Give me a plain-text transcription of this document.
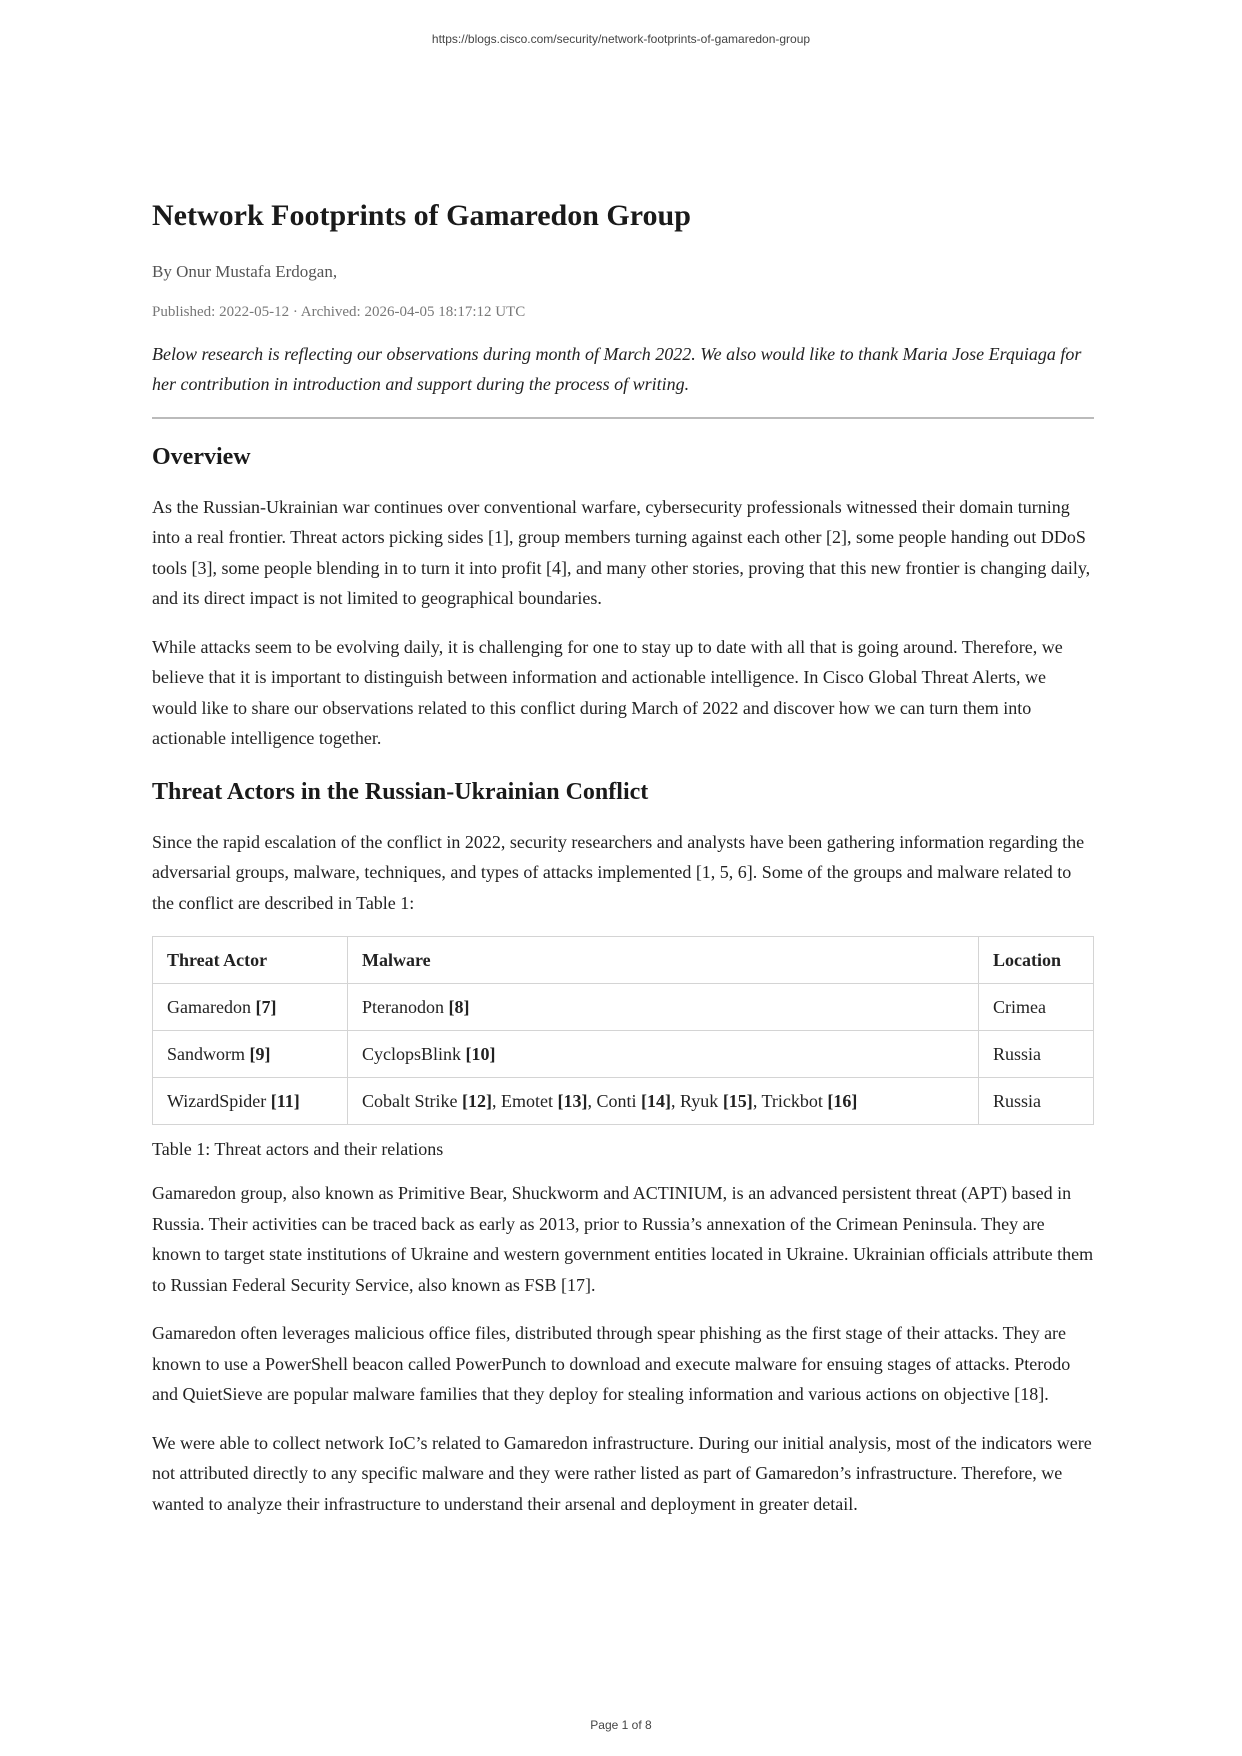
https://blogs.cisco.com/security/network-footprints-of-gamaredon-group
Network Footprints of Gamaredon Group
By Onur Mustafa Erdogan,
Published: 2022-05-12 · Archived: 2026-04-05 18:17:12 UTC

Below research is reflecting our observations during month of March 2022. We also would like to thank Maria Jose Erquiaga for her contribution in introduction and support during the process of writing.

Overview

As the Russian-Ukrainian war continues over conventional warfare, cybersecurity professionals witnessed their domain turning into a real frontier. Threat actors picking sides [1], group members turning against each other [2], some people handing out DDoS tools [3], some people blending in to turn it into profit [4], and many other stories, proving that this new frontier is changing daily, and its direct impact is not limited to geographical boundaries.

While attacks seem to be evolving daily, it is challenging for one to stay up to date with all that is going around. Therefore, we believe that it is important to distinguish between information and actionable intelligence. In Cisco Global Threat Alerts, we would like to share our observations related to this conflict during March of 2022 and discover how we can turn them into actionable intelligence together.

Threat Actors in the Russian-Ukrainian Conflict

Since the rapid escalation of the conflict in 2022, security researchers and analysts have been gathering information regarding the adversarial groups, malware, techniques, and types of attacks implemented [1, 5, 6]. Some of the groups and malware related to the conflict are described in Table 1:

Threat Actor	Malware	Location
Gamaredon [7]	Pteranodon [8]	Crimea
Sandworm [9]	CyclopsBlink [10]	Russia
WizardSpider [11]	Cobalt Strike [12], Emotet [13], Conti [14], Ryuk [15], Trickbot [16]	Russia
Table 1: Threat actors and their relations

Gamaredon group, also known as Primitive Bear, Shuckworm and ACTINIUM, is an advanced persistent threat (APT) based in Russia. Their activities can be traced back as early as 2013, prior to Russia’s annexation of the Crimean Peninsula. They are known to target state institutions of Ukraine and western government entities located in Ukraine. Ukrainian officials attribute them to Russian Federal Security Service, also known as FSB [17].

Gamaredon often leverages malicious office files, distributed through spear phishing as the first stage of their attacks. They are known to use a PowerShell beacon called PowerPunch to download and execute malware for ensuing stages of attacks. Pterodo and QuietSieve are popular malware families that they deploy for stealing information and various actions on objective [18].

We were able to collect network IoC’s related to Gamaredon infrastructure. During our initial analysis, most of the indicators were not attributed directly to any specific malware and they were rather listed as part of Gamaredon’s infrastructure. Therefore, we wanted to analyze their infrastructure to understand their arsenal and deployment in greater detail.

Page 1 of 8
